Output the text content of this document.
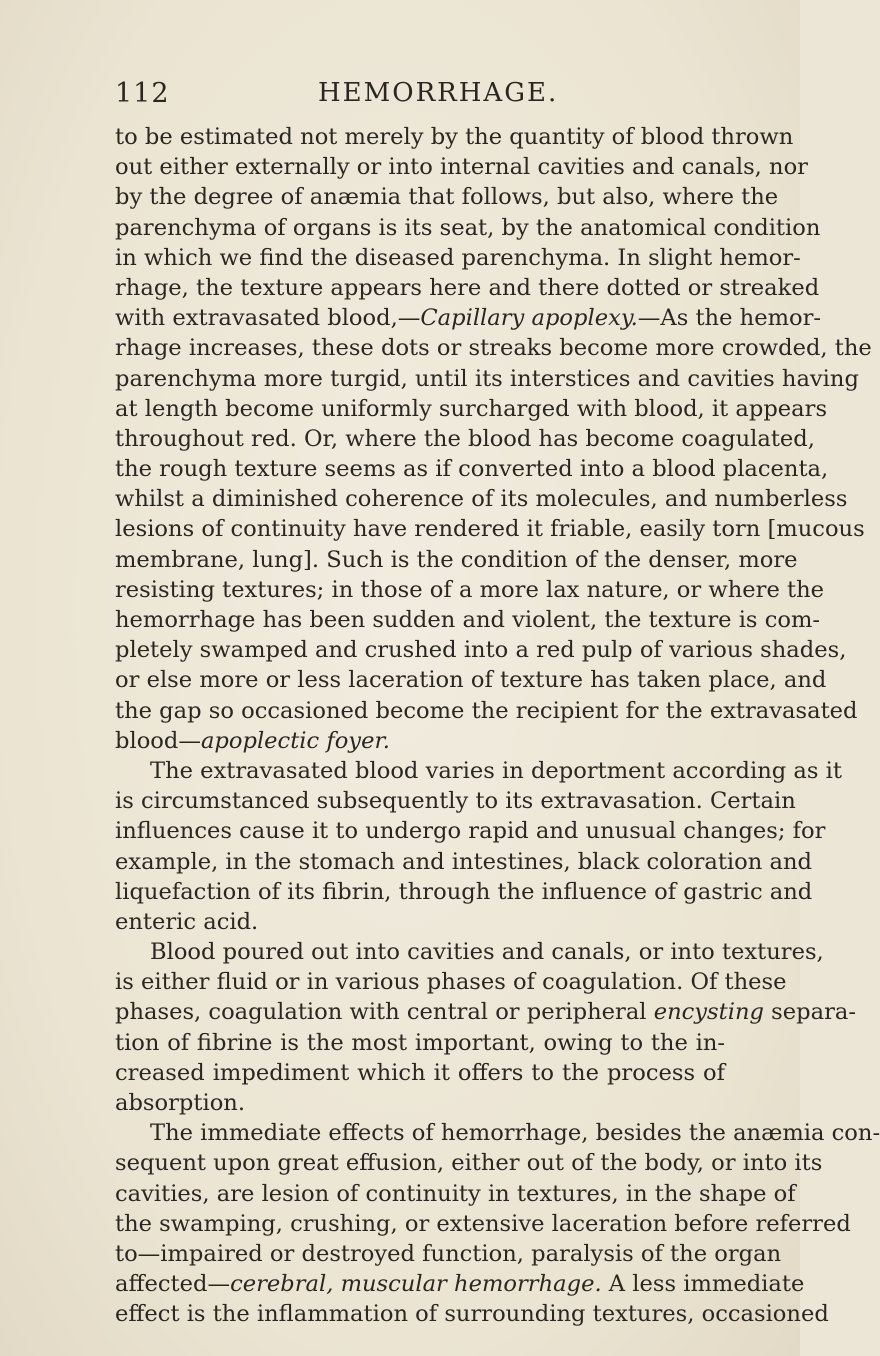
112	HEMORRHAGE.
to be estimated not merely by the quantity of blood thrown
out either externally or into internal cavities and canals, nor
by the degree of anæmia that follows, but also, where the
parenchyma of organs is its seat, by the anatomical condition
in which we find the diseased parenchyma. In slight hemor-
rhage, the texture appears here and there dotted or streaked
with extravasated blood,—Capillary apoplexy.—As the hemor-
rhage increases, these dots or streaks become more crowded, the
parenchyma more turgid, until its interstices and cavities having
at length become uniformly surcharged with blood, it appears
throughout red. Or, where the blood has become coagulated,
the rough texture seems as if converted into a blood placenta,
whilst a diminished coherence of its molecules, and numberless
lesions of continuity have rendered it friable, easily torn [mucous
membrane, lung]. Such is the condition of the denser, more
resisting textures; in those of a more lax nature, or where the
hemorrhage has been sudden and violent, the texture is com-
pletely swamped and crushed into a red pulp of various shades,
or else more or less laceration of texture has taken place, and
the gap so occasioned become the recipient for the extravasated
blood—apoplectic foyer.
The extravasated blood varies in deportment according as it
is circumstanced subsequently to its extravasation. Certain
influences cause it to undergo rapid and unusual changes; for
example, in the stomach and intestines, black coloration and
liquefaction of its fibrin, through the influence of gastric and
enteric acid.
Blood poured out into cavities and canals, or into textures,
is either fluid or in various phases of coagulation. Of these
phases, coagulation with central or peripheral encysting separa-
tion of fibrine is the most important, owing to the in-
creased impediment which it offers to the process of
absorption.
The immediate effects of hemorrhage, besides the anæmia con-
sequent upon great effusion, either out of the body, or into its
cavities, are lesion of continuity in textures, in the shape of
the swamping, crushing, or extensive laceration before referred
to—impaired or destroyed function, paralysis of the organ
affected—cerebral, muscular hemorrhage. A less immediate
effect is the inflammation of surrounding textures, occasioned
